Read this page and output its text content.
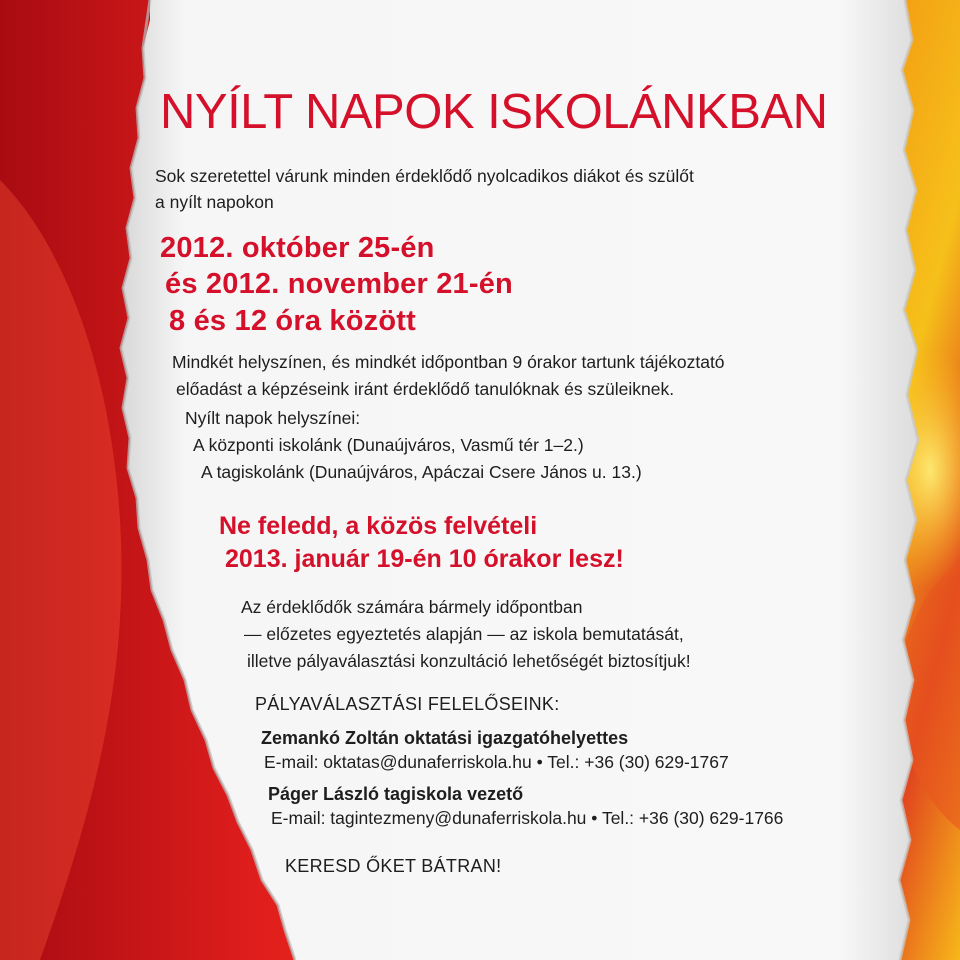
NYÍLT NAPOK ISKOLÁNKBAN
Sok szeretettel várunk minden érdeklődő nyolcadikos diákot és szülőt
a nyílt napokon
2012. október 25-én
és 2012. november 21-én
8 és 12 óra között
Mindkét helyszínen, és mindkét időpontban 9 órakor tartunk tájékoztató
előadást a képzéseink iránt érdeklődő tanulóknak és szüleiknek.
Nyílt napok helyszínei:
A központi iskolánk (Dunaújváros, Vasmű tér 1–2.)
A tagiskolánk (Dunaújváros, Apáczai Csere János u. 13.)
Ne feledd, a közös felvételi
2013. január 19-én 10 órakor lesz!
Az érdeklődők számára bármely időpontban
— előzetes egyeztetés alapján — az iskola bemutatását,
illetve pályaválasztási konzultáció lehetőségét biztosítjuk!
PÁLYAVÁLASZTÁSI FELELŐSEINK:
Zemankó Zoltán oktatási igazgatóhelyettes
E-mail: oktatas@dunaferriskola.hu • Tel.: +36 (30) 629-1767
Páger László tagiskola vezető
E-mail: tagintezmeny@dunaferriskola.hu • Tel.: +36 (30) 629-1766
KERESD ŐKET BÁTRAN!
